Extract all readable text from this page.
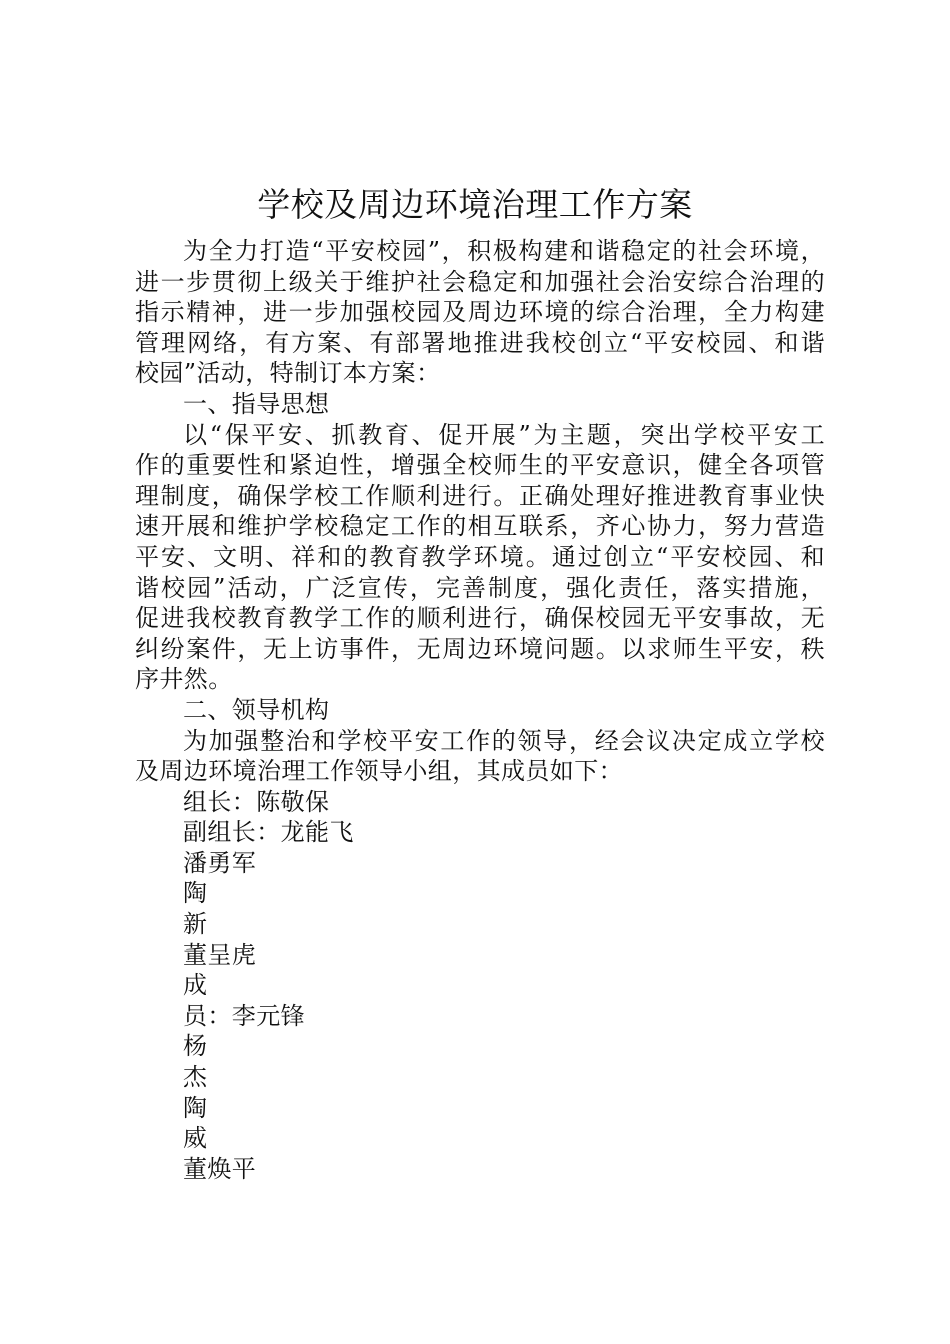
学校及周边环境治理工作方案
为全力打造“平安校园”，积极构建和谐稳定的社会环境，
进一步贯彻上级关于维护社会稳定和加强社会治安综合治理的
指示精神，进一步加强校园及周边环境的综合治理，全力构建
管理网络，有方案、有部署地推进我校创立“平安校园、和谐
校园”活动，特制订本方案：
一、指导思想
以“保平安、抓教育、促开展”为主题，突出学校平安工
作的重要性和紧迫性，增强全校师生的平安意识，健全各项管
理制度，确保学校工作顺利进行。正确处理好推进教育事业快
速开展和维护学校稳定工作的相互联系，齐心协力，努力营造
平安、文明、祥和的教育教学环境。通过创立“平安校园、和
谐校园”活动，广泛宣传，完善制度，强化责任，落实措施，
促进我校教育教学工作的顺利进行，确保校园无平安事故，无
纠纷案件，无上访事件，无周边环境问题。以求师生平安，秩
序井然。
二、领导机构
为加强整治和学校平安工作的领导，经会议决定成立学校
及周边环境治理工作领导小组，其成员如下：
组长：陈敬保
副组长：龙能飞
潘勇军
陶
新
董呈虎
成
员：李元锋
杨
杰
陶
威
董焕平
